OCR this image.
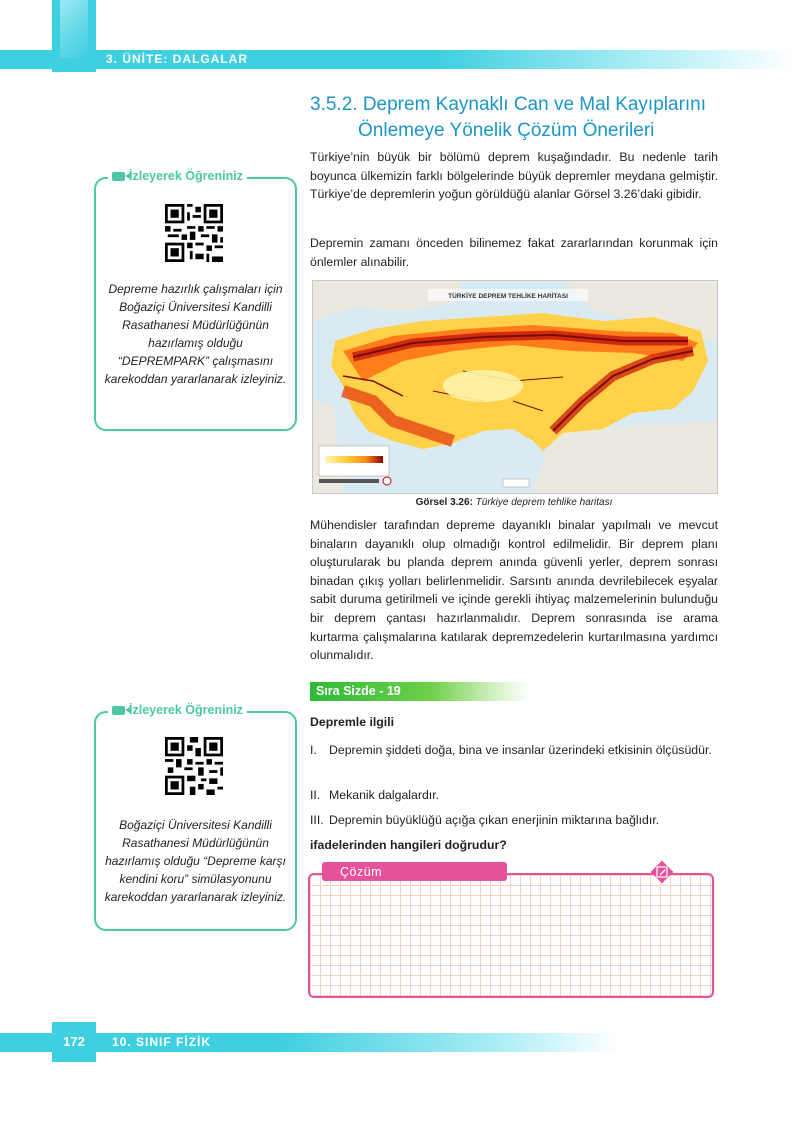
3. ÜNİTE: DALGALAR
3.5.2. Deprem Kaynaklı Can ve Mal Kayıplarını
Önlemeye Yönelik Çözüm Önerileri

Türkiye’nin büyük bir bölümü deprem kuşağındadır. Bu nedenle tarih boyunca ülkemizin farklı bölgelerinde büyük depremler meydana gelmiştir. Türkiye’de depremlerin yoğun görüldüğü alanlar Görsel 3.26’daki gibidir.

Depremin zamanı önceden bilinemez fakat zararlarından korunmak için önlemler alınabilir.

İzleyerek Öğreniniz

Depreme hazırlık çalışmaları için Boğaziçi Üniversitesi Kandilli Rasathanesi Müdürlüğünün hazırlamış olduğu “DEPREMPARK” çalışmasını karekoddan yararlanarak izleyiniz.

TÜRKİYE DEPREM TEHLİKE HARİTASI
Görsel 3.26: Türkiye deprem tehlike haritası

Mühendisler tarafından depreme dayanıklı binalar yapılmalı ve mevcut binaların dayanıklı olup olmadığı kontrol edilmelidir. Bir deprem planı oluşturularak bu planda deprem anında güvenli yerler, deprem sonrası binadan çıkış yolları belirlenmelidir. Sarsıntı anında devrilebilecek eşyalar sabit duruma getirilmeli ve içinde gerekli ihtiyaç malzemelerinin bulunduğu bir deprem çantası hazırlanmalıdır. Deprem sonrasında ise arama kurtarma çalışmalarına katılarak depremzedelerin kurtarılmasına yardımcı olunmalıdır.

İzleyerek Öğreniniz

Boğaziçi Üniversitesi Kandilli Rasathanesi Müdürlüğünün hazırlamış olduğu “Depreme karşı kendini koru” simülasyonunu karekoddan yararlanarak izleyiniz.

Sıra Sizde - 19
Depremle ilgili
I. Depremin şiddeti doğa, bina ve insanlar üzerindeki etkisinin ölçüsüdür.
II. Mekanik dalgalardır.
III. Depremin büyüklüğü açığa çıkan enerjinin miktarına bağlıdır.
ifadelerinden hangileri doğrudur?
Çözüm
172	10. SINIF FİZİK
